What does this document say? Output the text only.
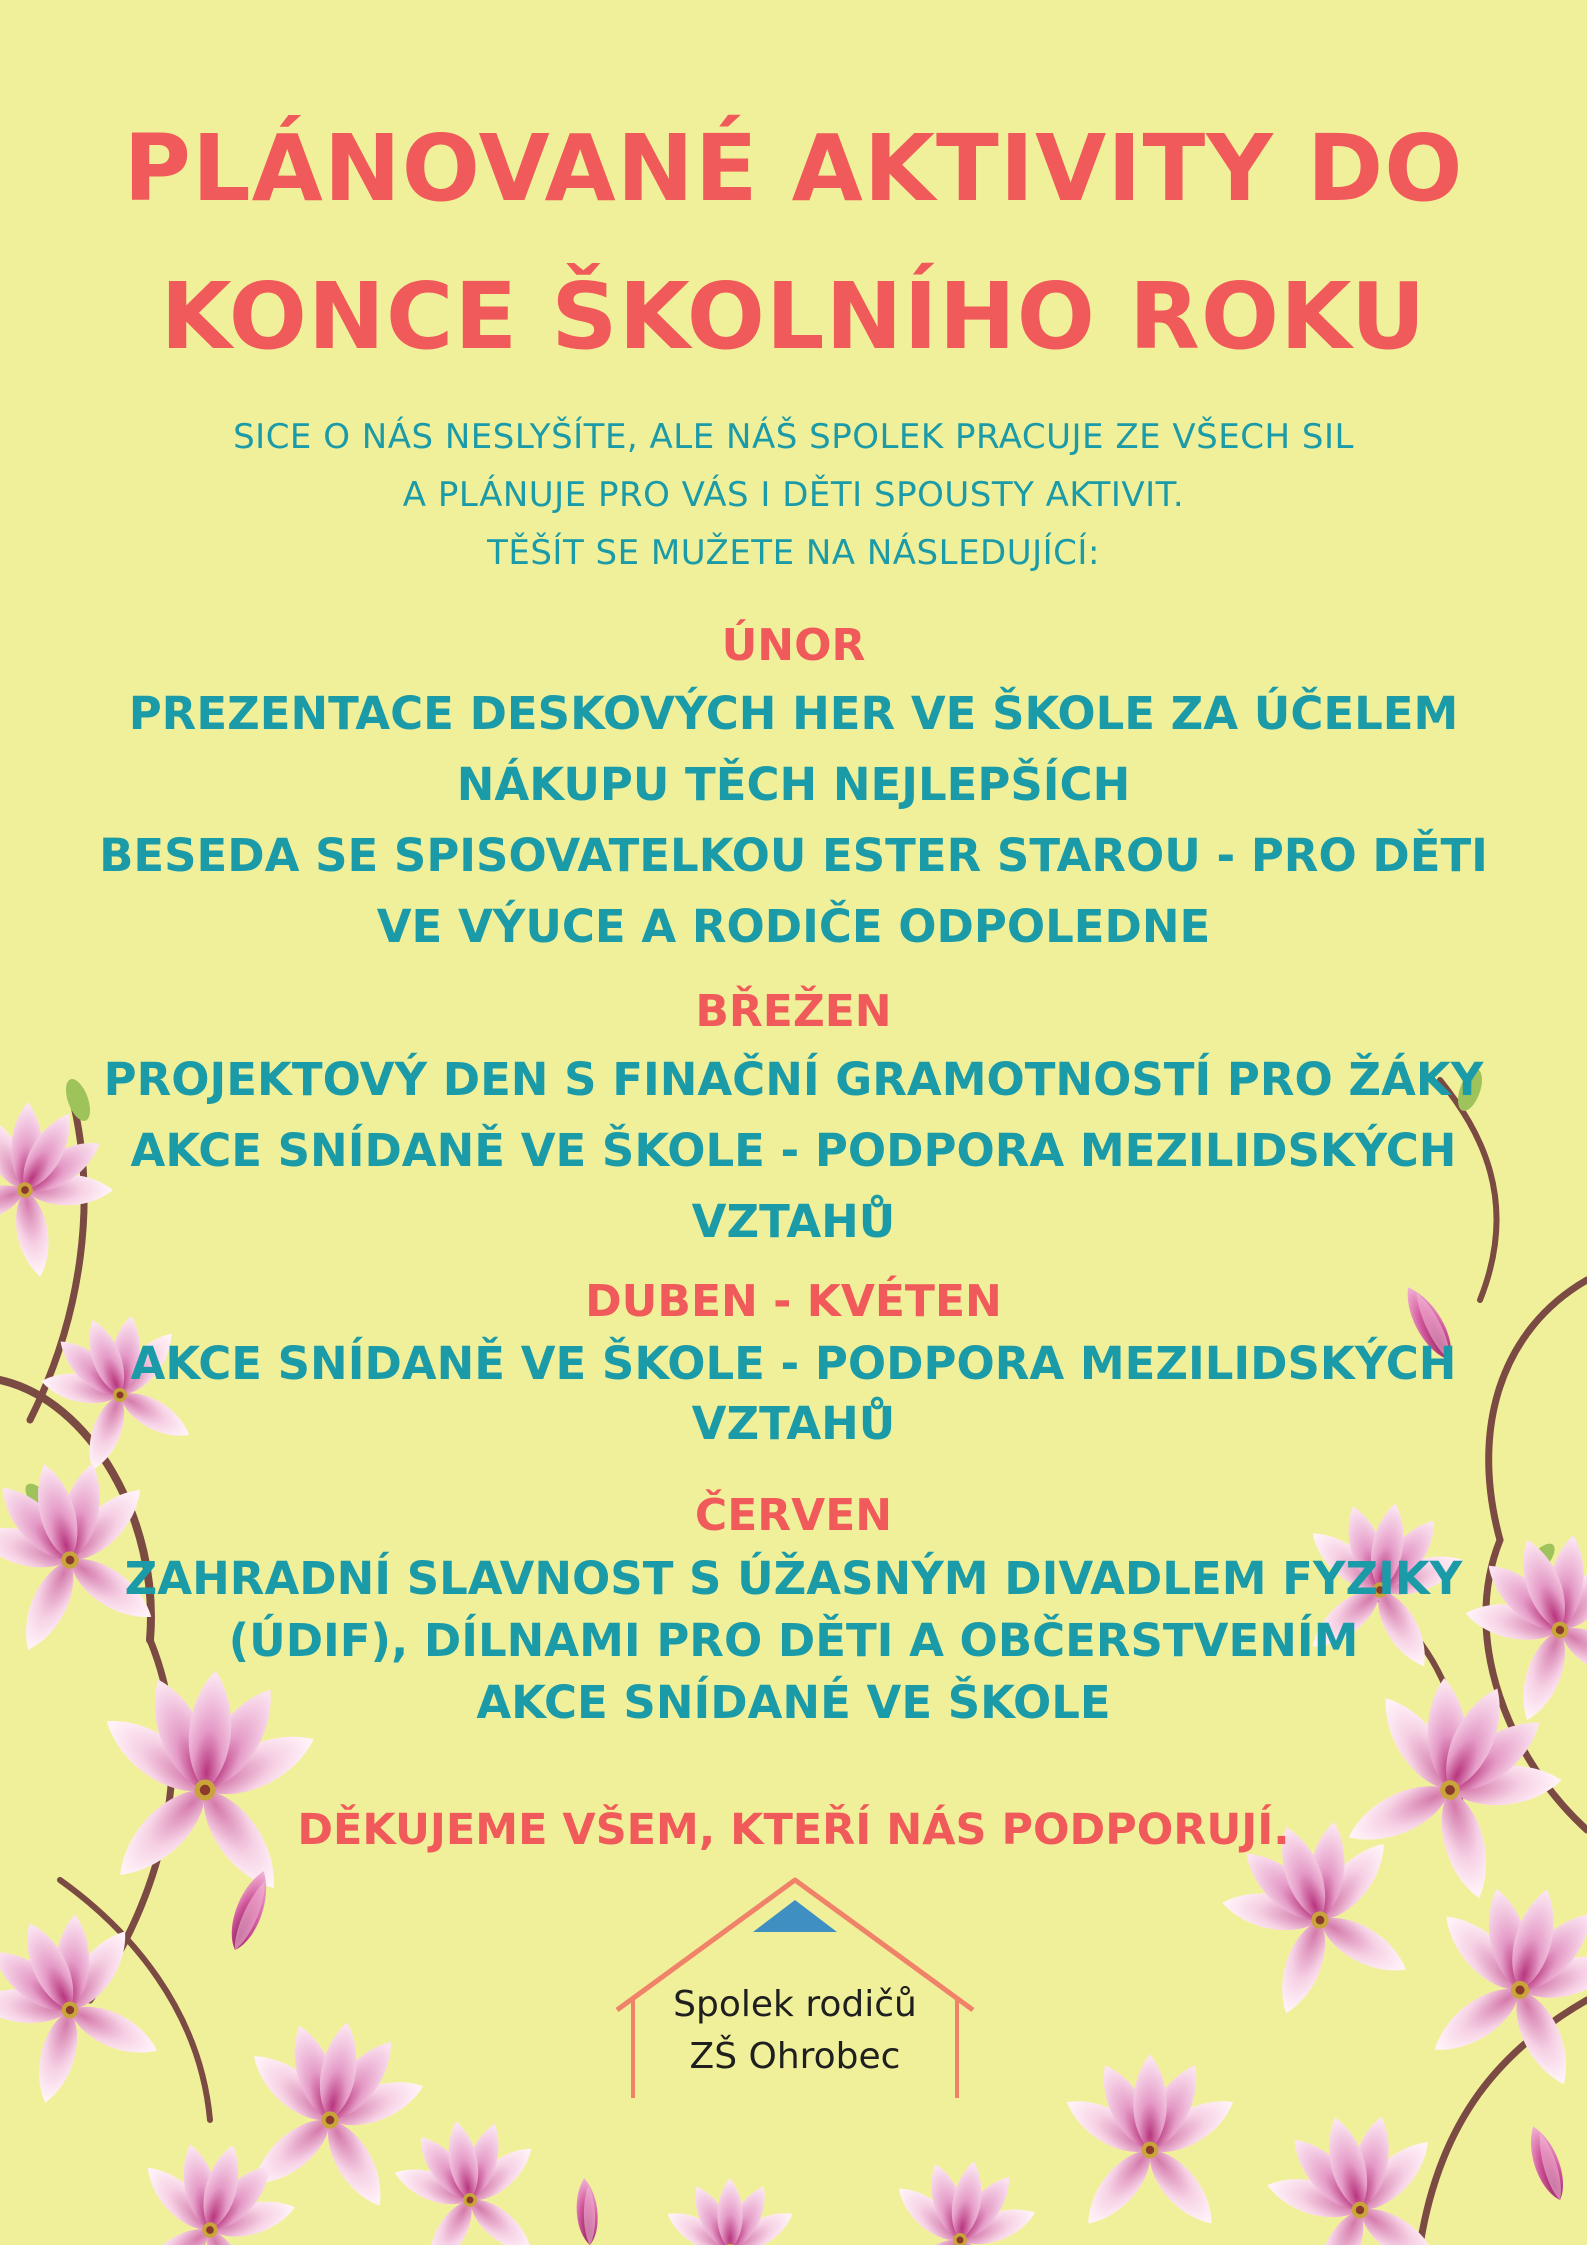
PLÁNOVANÉ AKTIVITY DO
KONCE ŠKOLNÍHO ROKU

SICE O NÁS NESLYŠÍTE, ALE NÁŠ SPOLEK PRACUJE ZE VŠECH SIL
A PLÁNUJE PRO VÁS I DĚTI SPOUSTY AKTIVIT.
TĚŠÍT SE MUŽETE NA NÁSLEDUJÍCÍ:

ÚNOR
PREZENTACE DESKOVÝCH HER VE ŠKOLE ZA ÚČELEM
NÁKUPU TĚCH NEJLEPŠÍCH
BESEDA SE SPISOVATELKOU ESTER STAROU - PRO DĚTI
VE VÝUCE A RODIČE ODPOLEDNE
BŘEŽEN
PROJEKTOVÝ DEN S FINAČNÍ GRAMOTNOSTÍ PRO ŽÁKY
AKCE SNÍDANĚ VE ŠKOLE - PODPORA MEZILIDSKÝCH
VZTAHŮ
DUBEN - KVÉTEN
AKCE SNÍDANĚ VE ŠKOLE - PODPORA MEZILIDSKÝCH
VZTAHŮ
ČERVEN
ZAHRADNÍ SLAVNOST S ÚŽASNÝM DIVADLEM FYZIKY
(ÚDIF), DÍLNAMI PRO DĚTI A OBČERSTVENÍM
AKCE SNÍDANÉ VE ŠKOLE

DĚKUJEME VŠEM, KTEŘÍ NÁS PODPORUJÍ.

Spolek rodičů
ZŠ Ohrobec
